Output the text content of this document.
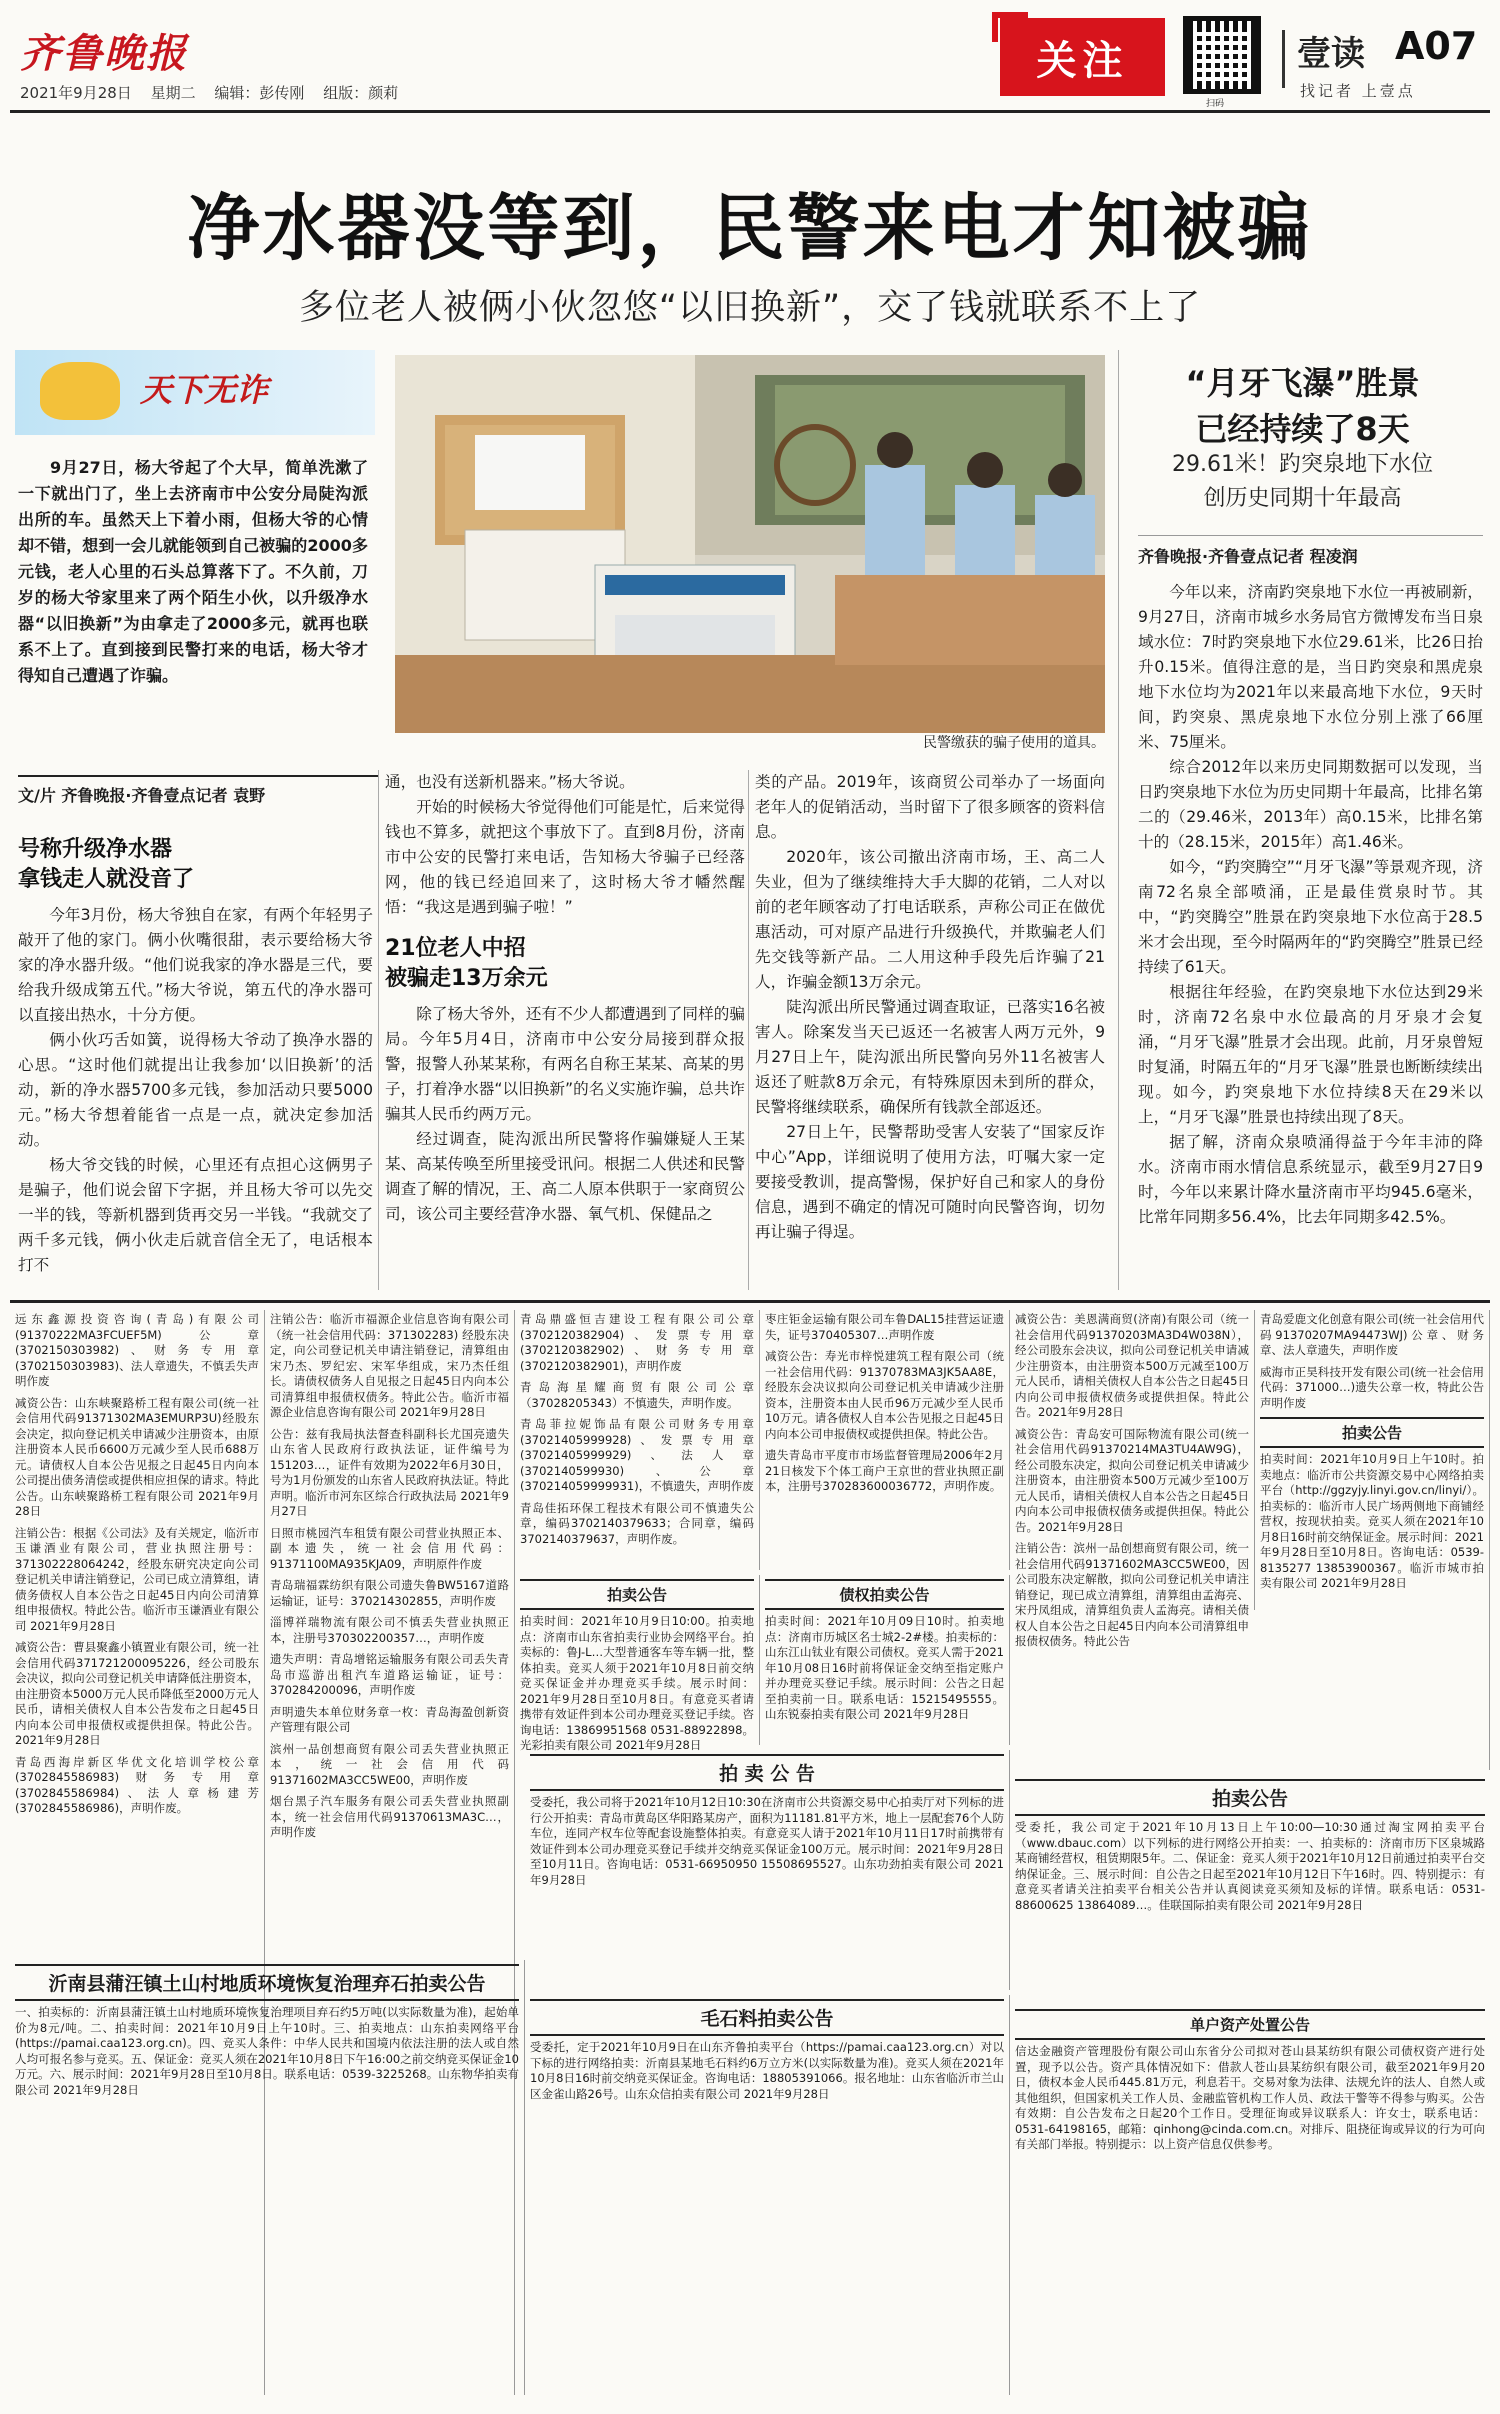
齐鲁晚报
2021年9月28日 星期二 编辑：彭传刚 组版：颜莉
关注
扫码
壹读 A07
找记者 上壹点
净水器没等到，民警来电才知被骗
多位老人被俩小伙忽悠“以旧换新”，交了钱就联系不上了
天下无诈
9月27日，杨大爷起了个大早，简单洗漱了一下就出门了，坐上去济南市中公安分局陡沟派出所的车。虽然天上下着小雨，但杨大爷的心情却不错，想到一会儿就能领到自己被骗的2000多元钱，老人心里的石头总算落下了。不久前，刀岁的杨大爷家里来了两个陌生小伙，以升级净水器“以旧换新”为由拿走了2000多元，就再也联系不上了。直到接到民警打来的电话，杨大爷才得知自己遭遇了诈骗。
民警缴获的骗子使用的道具。
“月牙飞瀑”胜景
已经持续了8天
29.61米！趵突泉地下水位
创历史同期十年最高
齐鲁晚报·齐鲁壹点记者 程凌润

今年以来，济南趵突泉地下水位一再被刷新，9月27日，济南市城乡水务局官方微博发布当日泉域水位：7时趵突泉地下水位29.61米，比26日抬升0.15米。值得注意的是，当日趵突泉和黑虎泉地下水位均为2021年以来最高地下水位，9天时间，趵突泉、黑虎泉地下水位分别上涨了66厘米、75厘米。

综合2012年以来历史同期数据可以发现，当日趵突泉地下水位为历史同期十年最高，比排名第二的（29.46米，2013年）高0.15米，比排名第十的（28.15米，2015年）高1.46米。

如今，“趵突腾空”“月牙飞瀑”等景观齐现，济南72名泉全部喷涌，正是最佳赏泉时节。其中，“趵突腾空”胜景在趵突泉地下水位高于28.5米才会出现，至今时隔两年的“趵突腾空”胜景已经持续了61天。

根据往年经验，在趵突泉地下水位达到29米时，济南72名泉中水位最高的月牙泉才会复涌，“月牙飞瀑”胜景才会出现。此前，月牙泉曾短时复涌，时隔五年的“月牙飞瀑”胜景也断断续续出现。如今，趵突泉地下水位持续8天在29米以上，“月牙飞瀑”胜景也持续出现了8天。

据了解，济南众泉喷涌得益于今年丰沛的降水。济南市雨水情信息系统显示，截至9月27日9时，今年以来累计降水量济南市平均945.6毫米，比常年同期多56.4%，比去年同期多42.5%。

文/片 齐鲁晚报·齐鲁壹点记者 袁野
号称升级净水器
拿钱走人就没音了

今年3月份，杨大爷独自在家，有两个年轻男子敲开了他的家门。俩小伙嘴很甜，表示要给杨大爷家的净水器升级。“他们说我家的净水器是三代，要给我升级成第五代。”杨大爷说，第五代的净水器可以直接出热水，十分方便。

俩小伙巧舌如簧，说得杨大爷动了换净水器的心思。“这时他们就提出让我参加‘以旧换新’的活动，新的净水器5700多元钱，参加活动只要5000元。”杨大爷想着能省一点是一点，就决定参加活动。

杨大爷交钱的时候，心里还有点担心这俩男子是骗子，他们说会留下字据，并且杨大爷可以先交一半的钱，等新机器到货再交另一半钱。“我就交了两千多元钱，俩小伙走后就音信全无了，电话根本打不

通，也没有送新机器来。”杨大爷说。

开始的时候杨大爷觉得他们可能是忙，后来觉得钱也不算多，就把这个事放下了。直到8月份，济南市中公安的民警打来电话，告知杨大爷骗子已经落网，他的钱已经追回来了，这时杨大爷才幡然醒悟：“我这是遇到骗子啦！”

21位老人中招
被骗走13万余元

除了杨大爷外，还有不少人都遭遇到了同样的骗局。今年5月4日，济南市中公安分局接到群众报警，报警人孙某某称，有两名自称王某某、高某的男子，打着净水器“以旧换新”的名义实施诈骗，总共诈骗其人民币约两万元。

经过调查，陡沟派出所民警将作骗嫌疑人王某某、高某传唤至所里接受讯问。根据二人供述和民警调查了解的情况，王、高二人原本供职于一家商贸公司，该公司主要经营净水器、氧气机、保健品之

类的产品。2019年，该商贸公司举办了一场面向老年人的促销活动，当时留下了很多顾客的资料信息。

2020年，该公司撤出济南市场，王、高二人失业，但为了继续维持大手大脚的花销，二人对以前的老年顾客动了打电话联系，声称公司正在做优惠活动，可对原产品进行升级换代，并欺骗老人们先交钱等新产品。二人用这种手段先后诈骗了21人，诈骗金额13万余元。

陡沟派出所民警通过调查取证，已落实16名被害人。除案发当天已返还一名被害人两万元外，9月27日上午，陡沟派出所民警向另外11名被害人返还了赃款8万余元，有特殊原因未到所的群众，民警将继续联系，确保所有钱款全部返还。

27日上午，民警帮助受害人安装了“国家反诈中心”App，详细说明了使用方法，叮嘱大家一定要接受教训，提高警惕，保护好自己和家人的身份信息，遇到不确定的情况可随时向民警咨询，切勿再让骗子得逞。

远东鑫源投资咨询(青岛)有限公司(91370222MA3FCUEF5M)公章(3702150303982)、财务专用章(3702150303983)、法人章遗失，不慎丢失声明作废

减资公告：山东峡聚路桥工程有限公司(统一社会信用代码91371302MA3EMURP3U)经股东会决定，拟向登记机关申请减少注册资本，由原注册资本人民币6600万元减少至人民币688万元。请债权人自本公告见报之日起45日内向本公司提出债务清偿或提供相应担保的请求。特此公告。山东峡聚路桥工程有限公司 2021年9月28日

注销公告：根据《公司法》及有关规定，临沂市玉谦酒业有限公司，营业执照注册号：371302228064242，经股东研究决定向公司登记机关申请注销登记，公司已成立清算组，请债务债权人自本公告之日起45日内向公司清算组申报债权。特此公告。临沂市玉谦酒业有限公司 2021年9月28日

减资公告：曹县聚鑫小镇置业有限公司，统一社会信用代码371721200095226，经公司股东会决议，拟向公司登记机关申请降低注册资本，由注册资本5000万元人民币降低至2000万元人民币，请相关债权人自本公告发布之日起45日内向本公司申报债权或提供担保。特此公告。2021年9月28日

青岛西海岸新区华优文化培训学校公章(3702845586983)财务专用章(3702845586984)、法人章杨建芳(3702845586986)，声明作废。

注销公告：临沂市福源企业信息咨询有限公司（统一社会信用代码：371302283) 经股东决定，向公司登记机关申请注销登记，清算组由宋乃杰、罗纪宏、宋军华组成，宋乃杰任组长。请债权债务人自见报之日起45日内向本公司清算组申报债权债务。特此公告。临沂市福源企业信息咨询有限公司 2021年9月28日

公告：兹有我局执法督查科副科长尤国亮遗失山东省人民政府行政执法证，证件编号为151203…，证件有效期为2022年6月30日，号为1月份颁发的山东省人民政府执法证。特此声明。临沂市河东区综合行政执法局 2021年9月27日

日照市桃园汽车租赁有限公司营业执照正本、副本遗失，统一社会信用代码：91371100MA935KJA09，声明原件作废

青岛瑞福霖纺织有限公司遗失鲁BW5167道路运输证，证号：370214302855，声明作废

淄博祥瑞物流有限公司不慎丢失营业执照正本，注册号370302200357…，声明作废

遗失声明：青岛增铭运输服务有限公司丢失青岛市巡游出租汽车道路运输证，证号：370284200096，声明作废

声明遗失本单位财务章一枚：青岛海盈创新资产管理有限公司

滨州一品创想商贸有限公司丢失营业执照正本，统一社会信用代码91371602MA3CC5WE00，声明作废

烟台黑子汽车服务有限公司丢失营业执照副本，统一社会信用代码91370613MA3C…，声明作废

青岛鼎盛恒吉建设工程有限公司公章(3702120382904)、发票专用章(3702120382902)、财务专用章(3702120382901)，声明作废

青岛海星耀商贸有限公司公章（37028205343）不慎遗失，声明作废。

青岛菲拉妮饰品有限公司财务专用章(37021405999928)、发票专用章(37021405999929)、法人章(3702140599930)、公章(370214059999931)，不慎遗失，声明作废

青岛佳拓环保工程技术有限公司不慎遗失公章，编码3702140379633；合同章，编码3702140379637，声明作废。

枣庄钜金运输有限公司车鲁DAL15挂营运证遗失，证号370405307…声明作废

减资公告：寿光市梓悦建筑工程有限公司（统一社会信用代码：91370783MA3JK5AA8E，经股东会决议拟向公司登记机关申请减少注册资本，注册资本由人民币96万元减少至人民币10万元。请各债权人自本公告见报之日起45日内向本公司申报债权或提供担保。特此公告。

遗失青岛市平度市市场监督管理局2006年2月21日核发下个体工商户王京世的营业执照正副本，注册号370283600036772，声明作废。

减资公告：美恩满商贸(济南)有限公司（统一社会信用代码91370203MA3D4W038N），经公司股东会决议，拟向公司登记机关申请减少注册资本，由注册资本500万元减至100万元人民币，请相关债权人自本公告之日起45日内向公司申报债权债务或提供担保。特此公告。2021年9月28日

减资公告：青岛安可国际物流有限公司(统一社会信用代码91370214MA3TU4AW9G)，经公司股东决定，拟向公司登记机关申请减少注册资本，由注册资本500万元减少至100万元人民币，请相关债权人自本公告之日起45日内向本公司申报债权债务或提供担保。特此公告。2021年9月28日

注销公告：滨州一品创想商贸有限公司，统一社会信用代码91371602MA3CC5WE00，因公司股东决定解散，拟向公司登记机关申请注销登记，现已成立清算组，清算组由孟海亮、宋丹凤组成，清算组负责人孟海亮。请相关债权人自本公告之日起45日内向本公司清算组申报债权债务。特此公告

青岛爱鹿文化创意有限公司(统一社会信用代码91370207MA94473WJ)公章、财务章、法人章遗失，声明作废

威海市正昊科技开发有限公司(统一社会信用代码：371000…)遗失公章一枚，特此公告声明作废

拍卖公告

拍卖时间：2021年10月9日上午10时。拍卖地点：临沂市公共资源交易中心网络拍卖平台（http://ggzyjy.linyi.gov.cn/linyi/）。拍卖标的：临沂市人民广场两侧地下商铺经营权，按现状拍卖。竞买人须在2021年10月8日16时前交纳保证金。展示时间：2021年9月28日至10月8日。咨询电话：0539-8135277 13853900367。临沂市城市拍卖有限公司 2021年9月28日

拍卖公告

拍卖时间：2021年10月9日10:00。拍卖地点：济南市山东省拍卖行业协会网络平台。拍卖标的：鲁J-L…大型普通客车等车辆一批，整体拍卖。竞买人须于2021年10月8日前交纳竞买保证金并办理竞买手续。展示时间：2021年9月28日至10月8日。有意竞买者请携带有效证件到本公司办理竞买登记手续。咨询电话：13869951568 0531-88922898。光彩拍卖有限公司 2021年9月28日

债权拍卖公告

拍卖时间：2021年10月09日10时。拍卖地点：济南市历城区名士城2-2#楼。拍卖标的：山东江山钛业有限公司债权。竞买人需于2021年10月08日16时前将保证金交纳至指定账户并办理竞买登记手续。展示时间：公告之日起至拍卖前一日。联系电话：15215495555。山东锐泰拍卖有限公司 2021年9月28日

沂南县蒲汪镇土山村地质环境恢复治理弃石拍卖公告

一、拍卖标的：沂南县蒲汪镇土山村地质环境恢复治理项目弃石约5万吨(以实际数量为准)，起始单价为8元/吨。二、拍卖时间：2021年10月9日上午10时。三、拍卖地点：山东拍卖网络平台(https://pamai.caa123.org.cn)。四、竞买人条件：中华人民共和国境内依法注册的法人或自然人均可报名参与竞买。五、保证金：竞买人须在2021年10月8日下午16:00之前交纳竞买保证金10万元。六、展示时间：2021年9月28日至10月8日。联系电话：0539-3225268。山东物华拍卖有限公司 2021年9月28日

拍 卖 公 告

受委托，我公司将于2021年10月12日10:30在济南市公共资源交易中心拍卖厅对下列标的进行公开拍卖：青岛市黄岛区华阳路某房产，面积为11181.81平方米，地上一层配套76个人防车位，连同产权车位等配套设施整体拍卖。有意竞买人请于2021年10月11日17时前携带有效证件到本公司办理竞买登记手续并交纳竞买保证金100万元。展示时间：2021年9月28日至10月11日。咨询电话：0531-66950950 15508695527。山东功劲拍卖有限公司 2021年9月28日

毛石料拍卖公告

受委托，定于2021年10月9日在山东齐鲁拍卖平台（https://pamai.caa123.org.cn）对以下标的进行网络拍卖：沂南县某地毛石料约6万立方米(以实际数量为准)。竞买人须在2021年10月8日16时前交纳竞买保证金。咨询电话：18805391066。报名地址：山东省临沂市兰山区金雀山路26号。山东众信拍卖有限公司 2021年9月28日

拍卖公告

受委托，我公司定于2021年10月13日上午10:00—10:30通过淘宝网拍卖平台（www.dbauc.com）以下列标的进行网络公开拍卖：一、拍卖标的：济南市历下区泉城路某商铺经营权，租赁期限5年。二、保证金：竞买人须于2021年10月12日前通过拍卖平台交纳保证金。三、展示时间：自公告之日起至2021年10月12日下午16时。四、特别提示：有意竞买者请关注拍卖平台相关公告并认真阅读竞买须知及标的详情。联系电话：0531-88600625 13864089…。佳联国际拍卖有限公司 2021年9月28日

单户资产处置公告

信达金融资产管理股份有限公司山东省分公司拟对苍山县某纺织有限公司债权资产进行处置，现予以公告。资产具体情况如下：借款人苍山县某纺织有限公司，截至2021年9月20日，债权本金人民币445.81万元，利息若干。交易对象为法律、法规允许的法人、自然人或其他组织，但国家机关工作人员、金融监管机构工作人员、政法干警等不得参与购买。公告有效期：自公告发布之日起20个工作日。受理征询或异议联系人：许女士，联系电话：0531-64198165，邮箱：qinhong@cinda.com.cn。对排斥、阻挠征询或异议的行为可向有关部门举报。特别提示：以上资产信息仅供参考。
